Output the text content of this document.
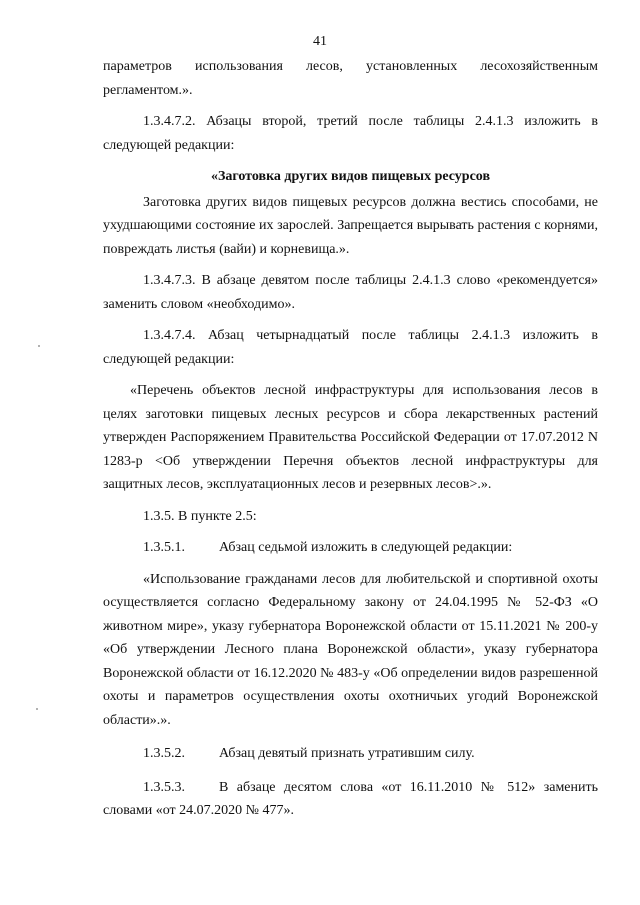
41

параметров использования лесов, установленных лесохозяйственным регламентом.».

1.3.4.7.2. Абзацы второй, третий после таблицы 2.4.1.3 изложить в следующей редакции:

«Заготовка других видов пищевых ресурсов

Заготовка других видов пищевых ресурсов должна вестись способами, не ухудшающими состояние их зарослей. Запрещается вырывать растения с корнями, повреждать листья (вайи) и корневища.».

1.3.4.7.3. В абзаце девятом после таблицы 2.4.1.3 слово «рекомендуется» заменить словом «необходимо».

1.3.4.7.4. Абзац четырнадцатый после таблицы 2.4.1.3 изложить в следующей редакции:

«Перечень объектов лесной инфраструктуры для использования лесов в целях заготовки пищевых лесных ресурсов и сбора лекарственных растений утвержден Распоряжением Правительства Российской Федерации от 17.07.2012 N 1283-р <Об утверждении Перечня объектов лесной инфраструктуры для защитных лесов, эксплуатационных лесов и резервных лесов>.».

1.3.5. В пункте 2.5:

1.3.5.1.	Абзац седьмой изложить в следующей редакции:

«Использование гражданами лесов для любительской и спортивной охоты осуществляется согласно Федеральному закону от 24.04.1995 № 52-ФЗ «О животном мире», указу губернатора Воронежской области от 15.11.2021 № 200-у «Об утверждении Лесного плана Воронежской области», указу губернатора Воронежской области от 16.12.2020 № 483-у «Об определении видов разрешенной охоты и параметров осуществления охоты охотничьих угодий Воронежской области».».

1.3.5.2.	Абзац девятый признать утратившим силу.

1.3.5.3. В абзаце десятом слова «от 16.11.2010 № 512» заменить словами «от 24.07.2020 № 477».
